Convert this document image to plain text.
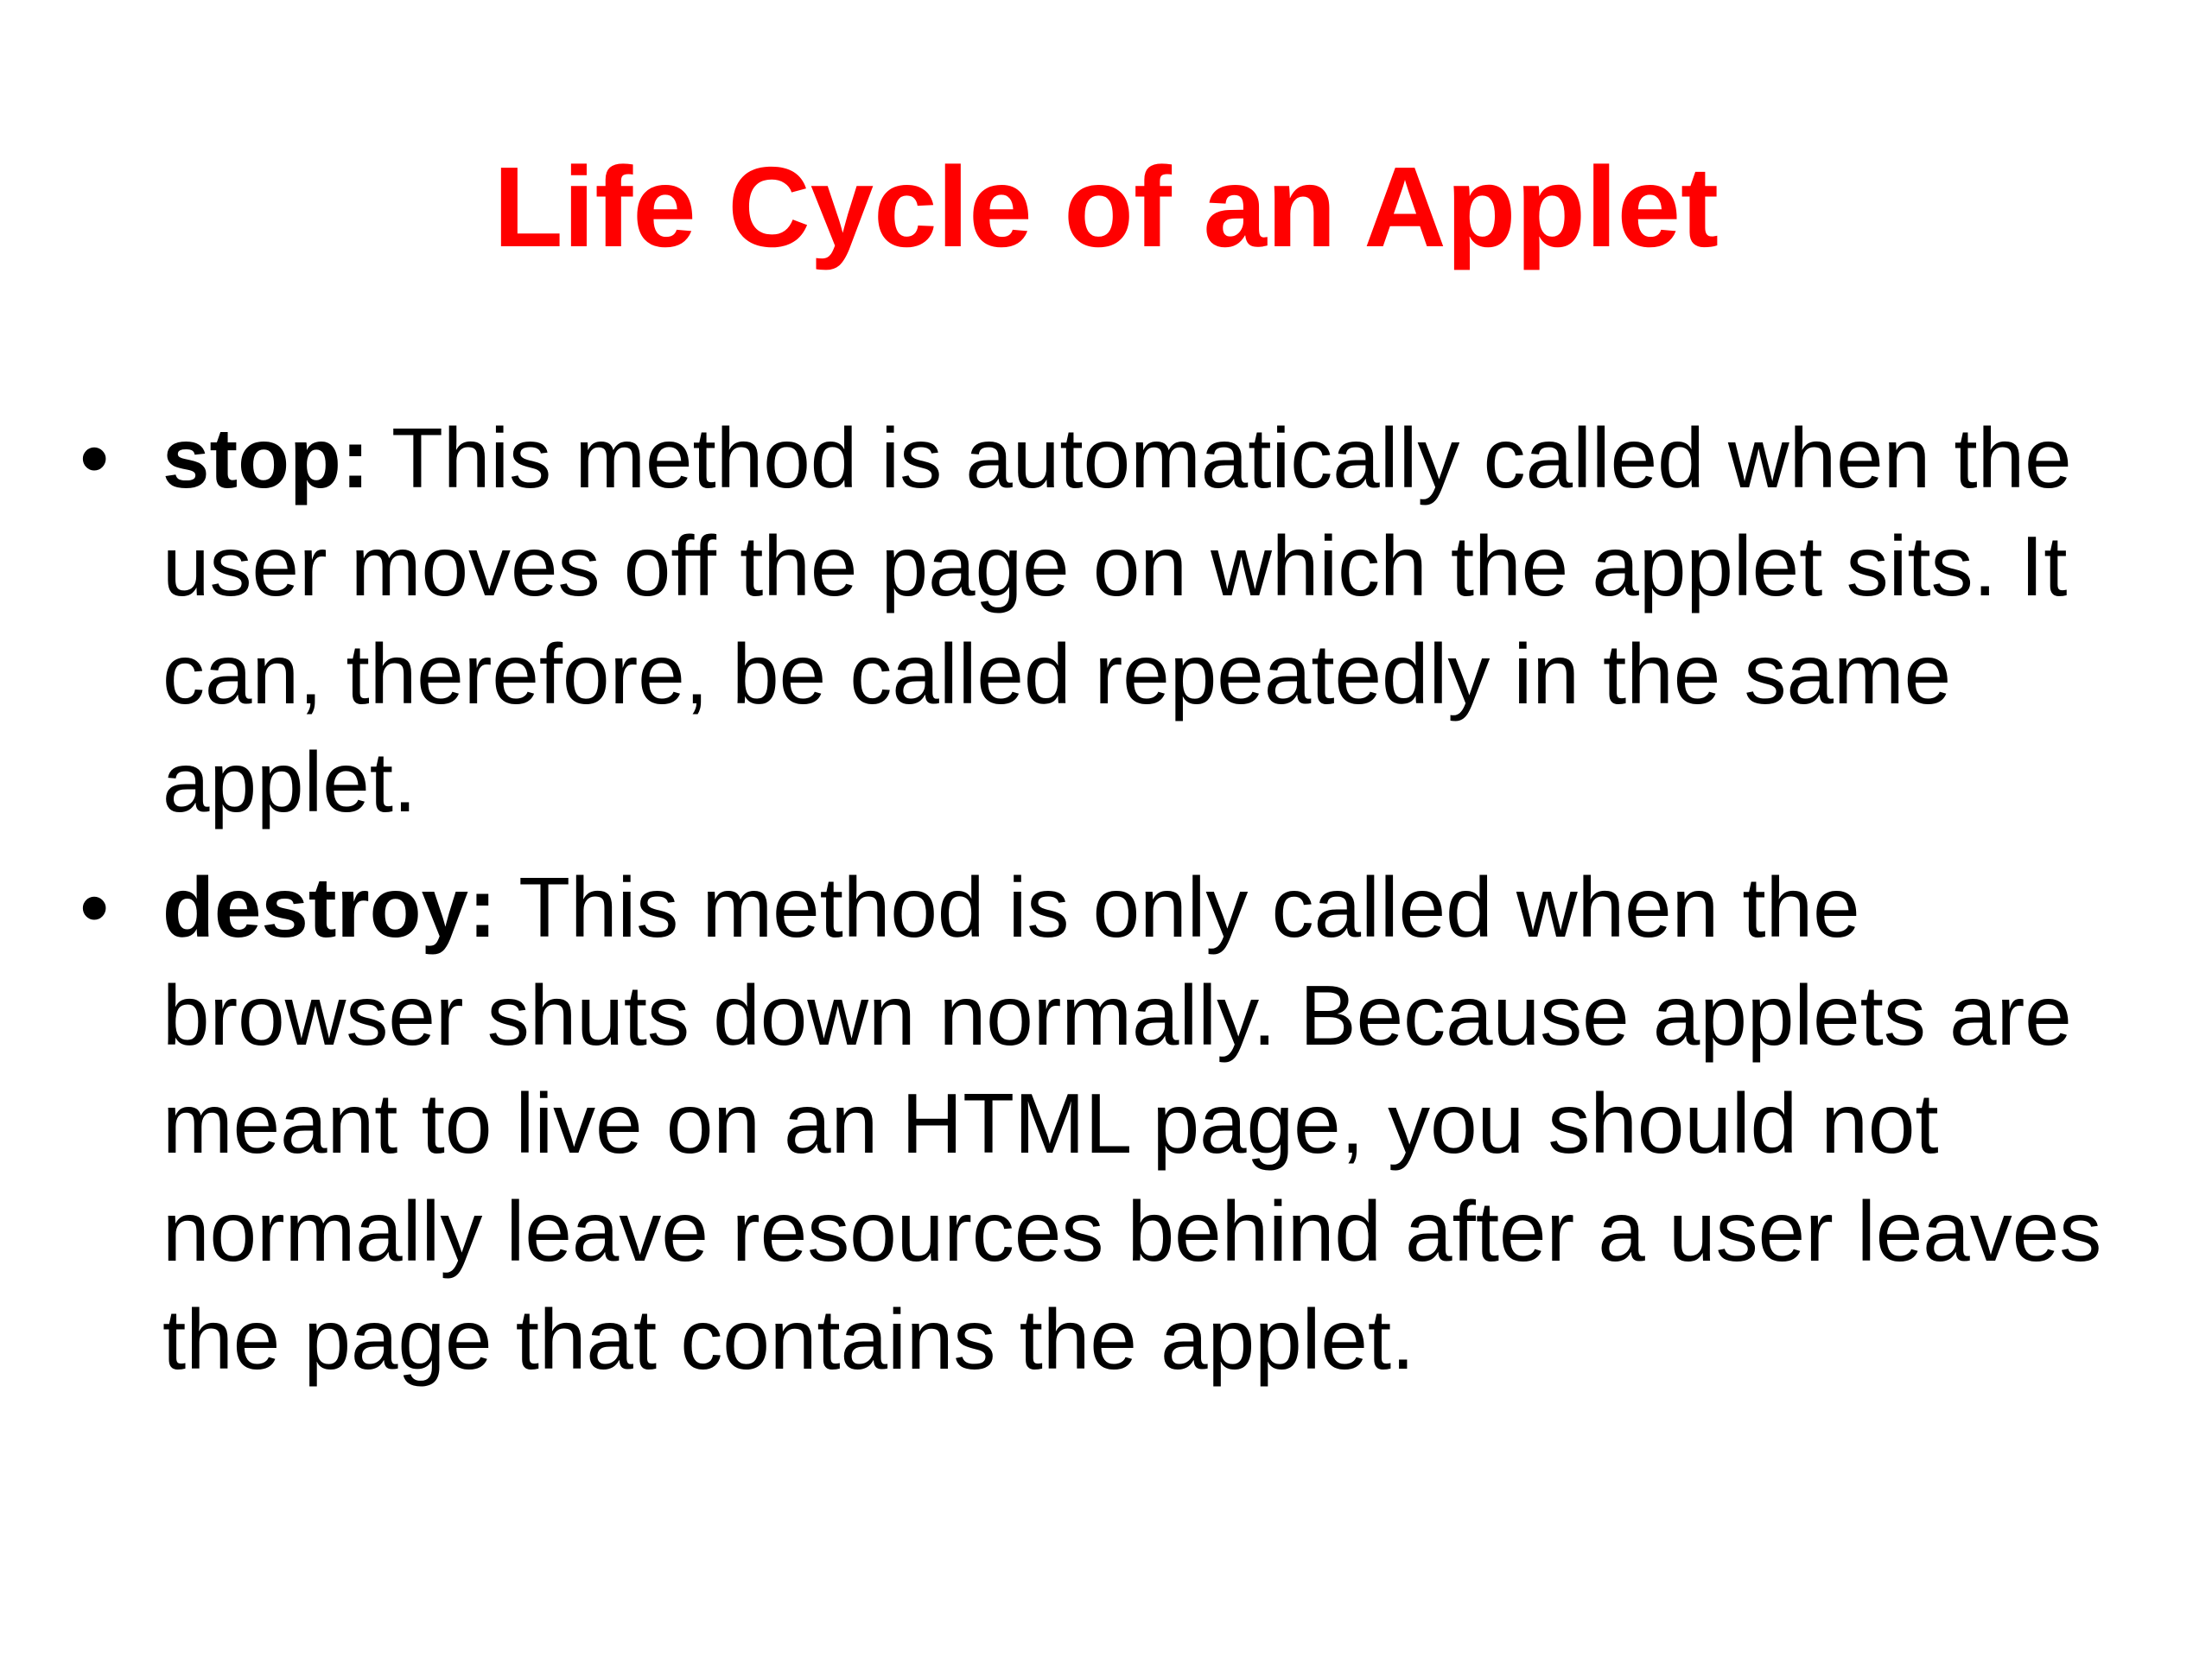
Life Cycle of an Applet
• stop: This method is automatically called when the user moves off the page on which the applet sits. It can, therefore, be called repeatedly in the same applet.
• destroy: This method is only called when the browser shuts down normally. Because applets are meant to live on an HTML page, you should not normally leave resources behind after a user leaves the page that contains the applet.
